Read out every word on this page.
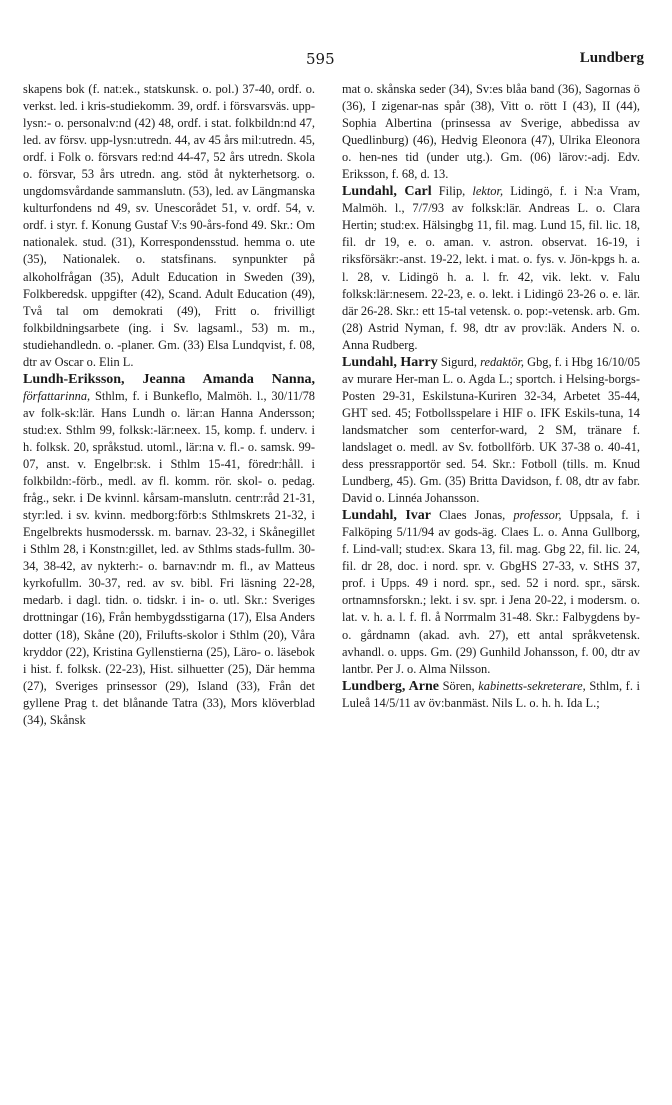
595	Lundberg

skapens bok (f. nat:ek., statskunsk. o. pol.) 37-40, ordf. o. verkst. led. i kris-studiekomm. 39, ordf. i försvarsväs. upp-lysn:- o. personalv:nd (42) 48, ordf. i stat. folkbildn:nd 47, led. av försv. upp-lysn:utredn. 44, av 45 års mil:utredn. 45, ordf. i Folk o. försvars red:nd 44-47, 52 års utredn. Skola o. försvar, 53 års utredn. ang. stöd åt nykterhetsorg. o. ungdomsvårdande sammanslutn. (53), led. av Längmanska kulturfondens nd 49, sv. Unescorådet 51, v. ordf. 54, v. ordf. i styr. f. Konung Gustaf V:s 90-års-fond 49. Skr.: Om nationalek. stud. (31), Korrespondensstud. hemma o. ute (35), Nationalek. o. statsfinans. synpunkter på alkoholfrågan (35), Adult Education in Sweden (39), Folkberedsk. uppgifter (42), Scand. Adult Education (49), Två tal om demokrati (49), Fritt o. frivilligt folkbildningsarbete (ing. i Sv. lagsaml., 53) m. m., studiehandledn. o. -planer. Gm. (33) Elsa Lundqvist, f. 08, dtr av Oscar o. Elin L.

Lundh-Eriksson, Jeanna Amanda Nanna, författarinna, Sthlm, f. i Bunkeflo, Malmöh. l., 30/11/78 av folk-sk:lär. Hans Lundh o. lär:an Hanna Andersson; stud:ex. Sthlm 99, folksk:-lär:neex. 15, komp. f. underv. i h. folksk. 20, språkstud. utoml., lär:na v. fl.- o. samsk. 99-07, anst. v. Engelbr:sk. i Sthlm 15-41, föredr:håll. i folkbildn:-förb., medl. av fl. komm. rör. skol- o. pedag. fråg., sekr. i De kvinnl. kårsam-manslutn. centr:råd 21-31, styr:led. i sv. kvinn. medborg:förb:s Sthlmskrets 21-32, i Engelbrekts husmoderssk. m. barnav. 23-32, i Skånegillet i Sthlm 28, i Konstn:gillet, led. av Sthlms stads-fullm. 30-34, 38-42, av nykterh:- o. barnav:ndr m. fl., av Matteus kyrkofullm. 30-37, red. av sv. bibl. Fri läsning 22-28, medarb. i dagl. tidn. o. tidskr. i in- o. utl. Skr.: Sveriges drottningar (16), Från hembygdsstigarna (17), Elsa Anders dotter (18), Skåne (20), Frilufts-skolor i Sthlm (20), Våra kryddor (22), Kristina Gyllenstierna (25), Läro- o. läsebok i hist. f. folksk. (22-23), Hist. silhuetter (25), Där hemma (27), Sveriges prinsessor (29), Island (33), Från det gyllene Prag t. det blånande Tatra (33), Mors klöverblad (34), Skånsk

mat o. skånska seder (34), Sv:es blåa band (36), Sagornas ö (36), I zigenar-nas spår (38), Vitt o. rött I (43), II (44), Sophia Albertina (prinsessa av Sverige, abbedissa av Quedlinburg) (46), Hedvig Eleonora (47), Ulrika Eleonora o. hen-nes tid (under utg.). Gm. (06) lärov:-adj. Edv. Eriksson, f. 68, d. 13.

Lundahl, Carl Filip, lektor, Lidingö, f. i N:a Vram, Malmöh. l., 7/7/93 av folksk:lär. Andreas L. o. Clara Hertin; stud:ex. Hälsingbg 11, fil. mag. Lund 15, fil. lic. 18, fil. dr 19, e. o. aman. v. astron. observat. 16-19, i riksförsäkr:-anst. 19-22, lekt. i mat. o. fys. v. Jön-kpgs h. a. l. 28, v. Lidingö h. a. l. fr. 42, vik. lekt. v. Falu folksk:lär:nesem. 22-23, e. o. lekt. i Lidingö 23-26 o. e. lär. där 26-28. Skr.: ett 15-tal vetensk. o. pop:-vetensk. arb. Gm. (28) Astrid Nyman, f. 98, dtr av prov:läk. Anders N. o. Anna Rudberg.

Lundahl, Harry Sigurd, redaktör, Gbg, f. i Hbg 16/10/05 av murare Her-man L. o. Agda L.; sportch. i Helsing-borgs-Posten 29-31, Eskilstuna-Kuriren 32-34, Arbetet 35-44, GHT sed. 45; Fotbollsspelare i HIF o. IFK Eskils-tuna, 14 landsmatcher som centerfor-ward, 2 SM, tränare f. landslaget o. medl. av Sv. fotbollförb. UK 37-38 o. 40-41, dess pressrapportör sed. 54. Skr.: Fotboll (tills. m. Knud Lundberg, 45). Gm. (35) Britta Davidson, f. 08, dtr av fabr. David o. Linnéa Johansson.

Lundahl, Ivar Claes Jonas, professor, Uppsala, f. i Falköping 5/11/94 av gods-äg. Claes L. o. Anna Gullborg, f. Lind-vall; stud:ex. Skara 13, fil. mag. Gbg 22, fil. lic. 24, fil. dr 28, doc. i nord. spr. v. GbgHS 27-33, v. StHS 37, prof. i Upps. 49 i nord. spr., sed. 52 i nord. spr., särsk. ortnamnsforskn.; lekt. i sv. spr. i Jena 20-22, i modersm. o. lat. v. h. a. l. f. fl. å Norrmalm 31-48. Skr.: Falbygdens by- o. gårdnamn (akad. avh. 27), ett antal språkvetensk. avhandl. o. upps. Gm. (29) Gunhild Johansson, f. 00, dtr av lantbr. Per J. o. Alma Nilsson.

Lundberg, Arne Sören, kabinetts-sekreterare, Sthlm, f. i Luleå 14/5/11 av öv:banmäst. Nils L. o. h. h. Ida L.;
